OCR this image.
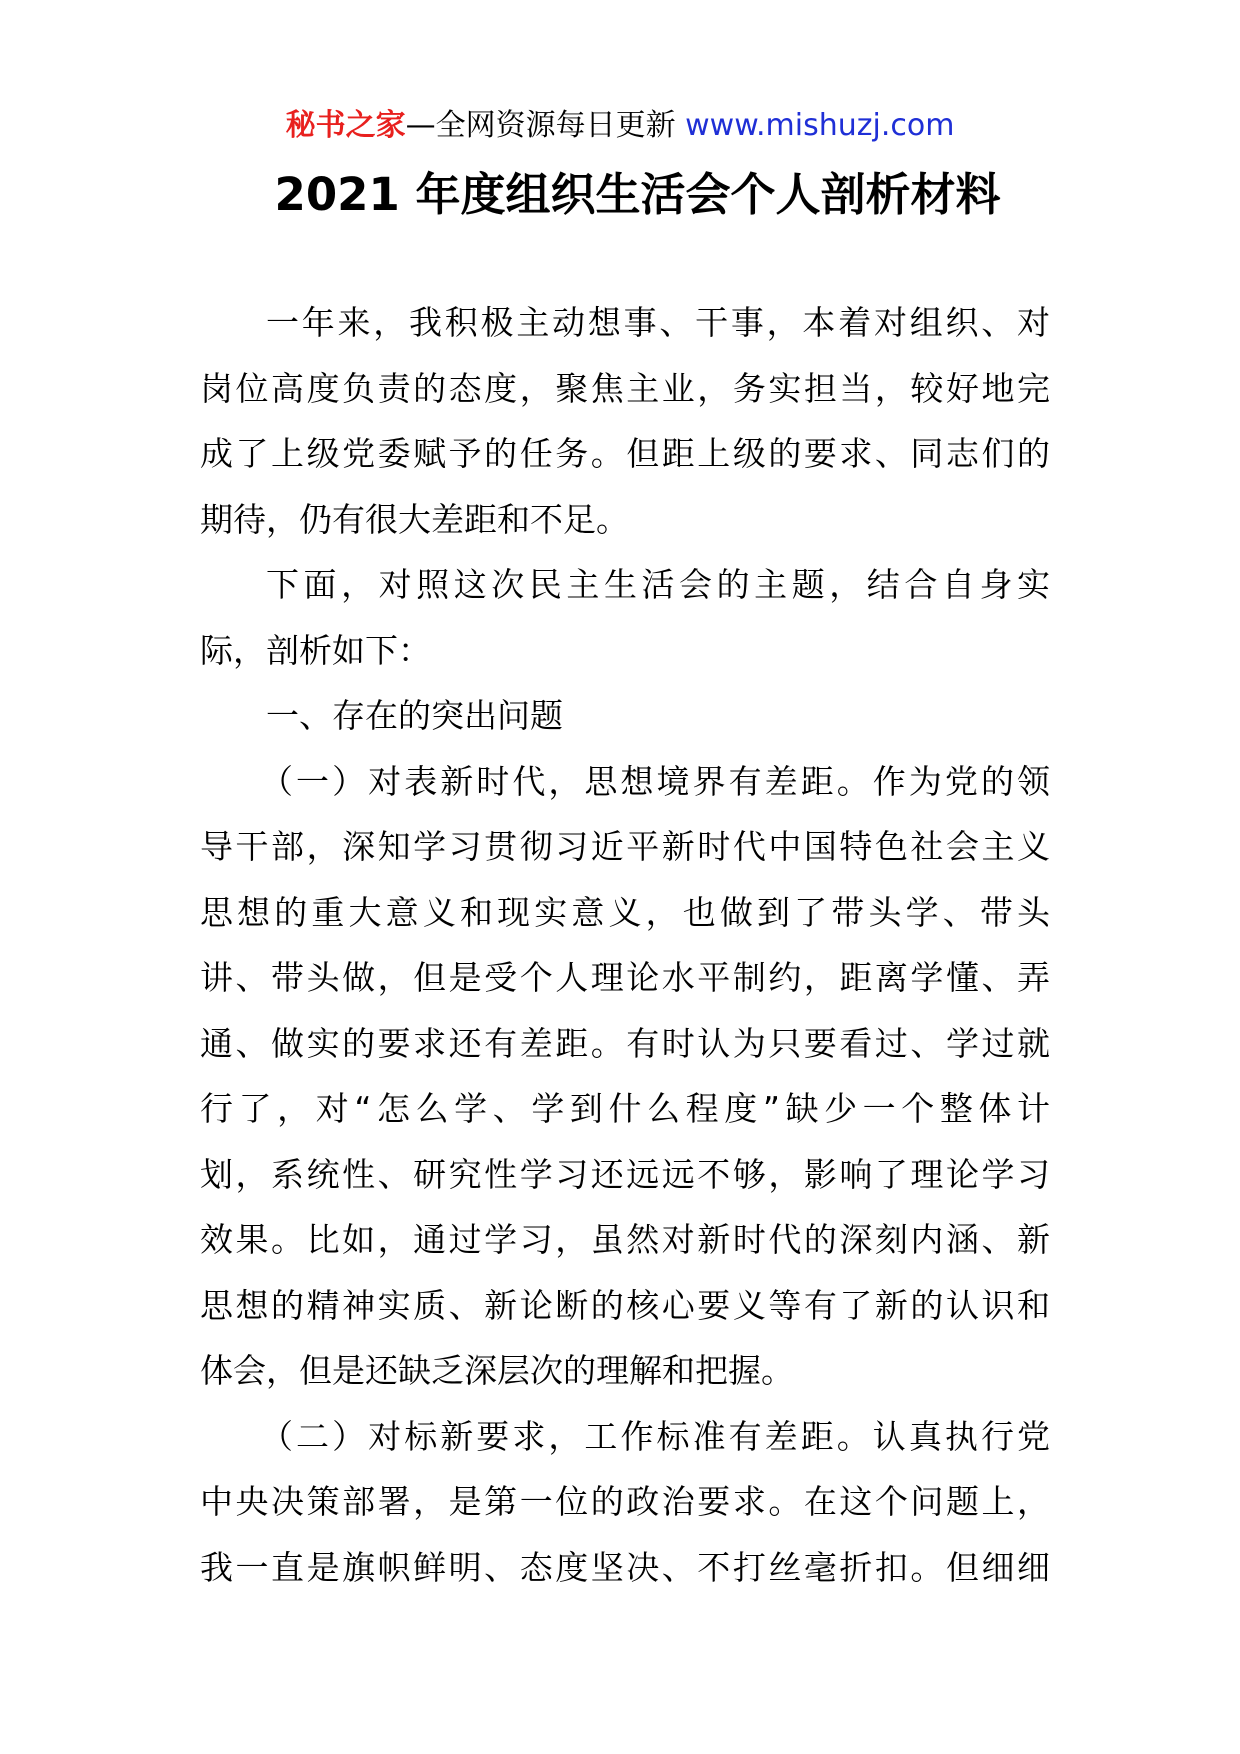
秘书之家—全网资源每日更新 www.mishuzj.com
2021 年度组织生活会个人剖析材料
一年来，我积极主动想事、干事，本着对组织、对
岗位高度负责的态度，聚焦主业，务实担当，较好地完
成了上级党委赋予的任务。但距上级的要求、同志们的
期待，仍有很大差距和不足。
下面，对照这次民主生活会的主题，结合自身实
际，剖析如下：
一、存在的突出问题
（一）对表新时代，思想境界有差距。作为党的领
导干部，深知学习贯彻习近平新时代中国特色社会主义
思想的重大意义和现实意义，也做到了带头学、带头
讲、带头做，但是受个人理论水平制约，距离学懂、弄
通、做实的要求还有差距。有时认为只要看过、学过就
行了，对“怎么学、学到什么程度”缺少一个整体计
划，系统性、研究性学习还远远不够，影响了理论学习
效果。比如，通过学习，虽然对新时代的深刻内涵、新
思想的精神实质、新论断的核心要义等有了新的认识和
体会，但是还缺乏深层次的理解和把握。
（二）对标新要求，工作标准有差距。认真执行党
中央决策部署，是第一位的政治要求。在这个问题上，
我一直是旗帜鲜明、态度坚决、不打丝毫折扣。但细细
